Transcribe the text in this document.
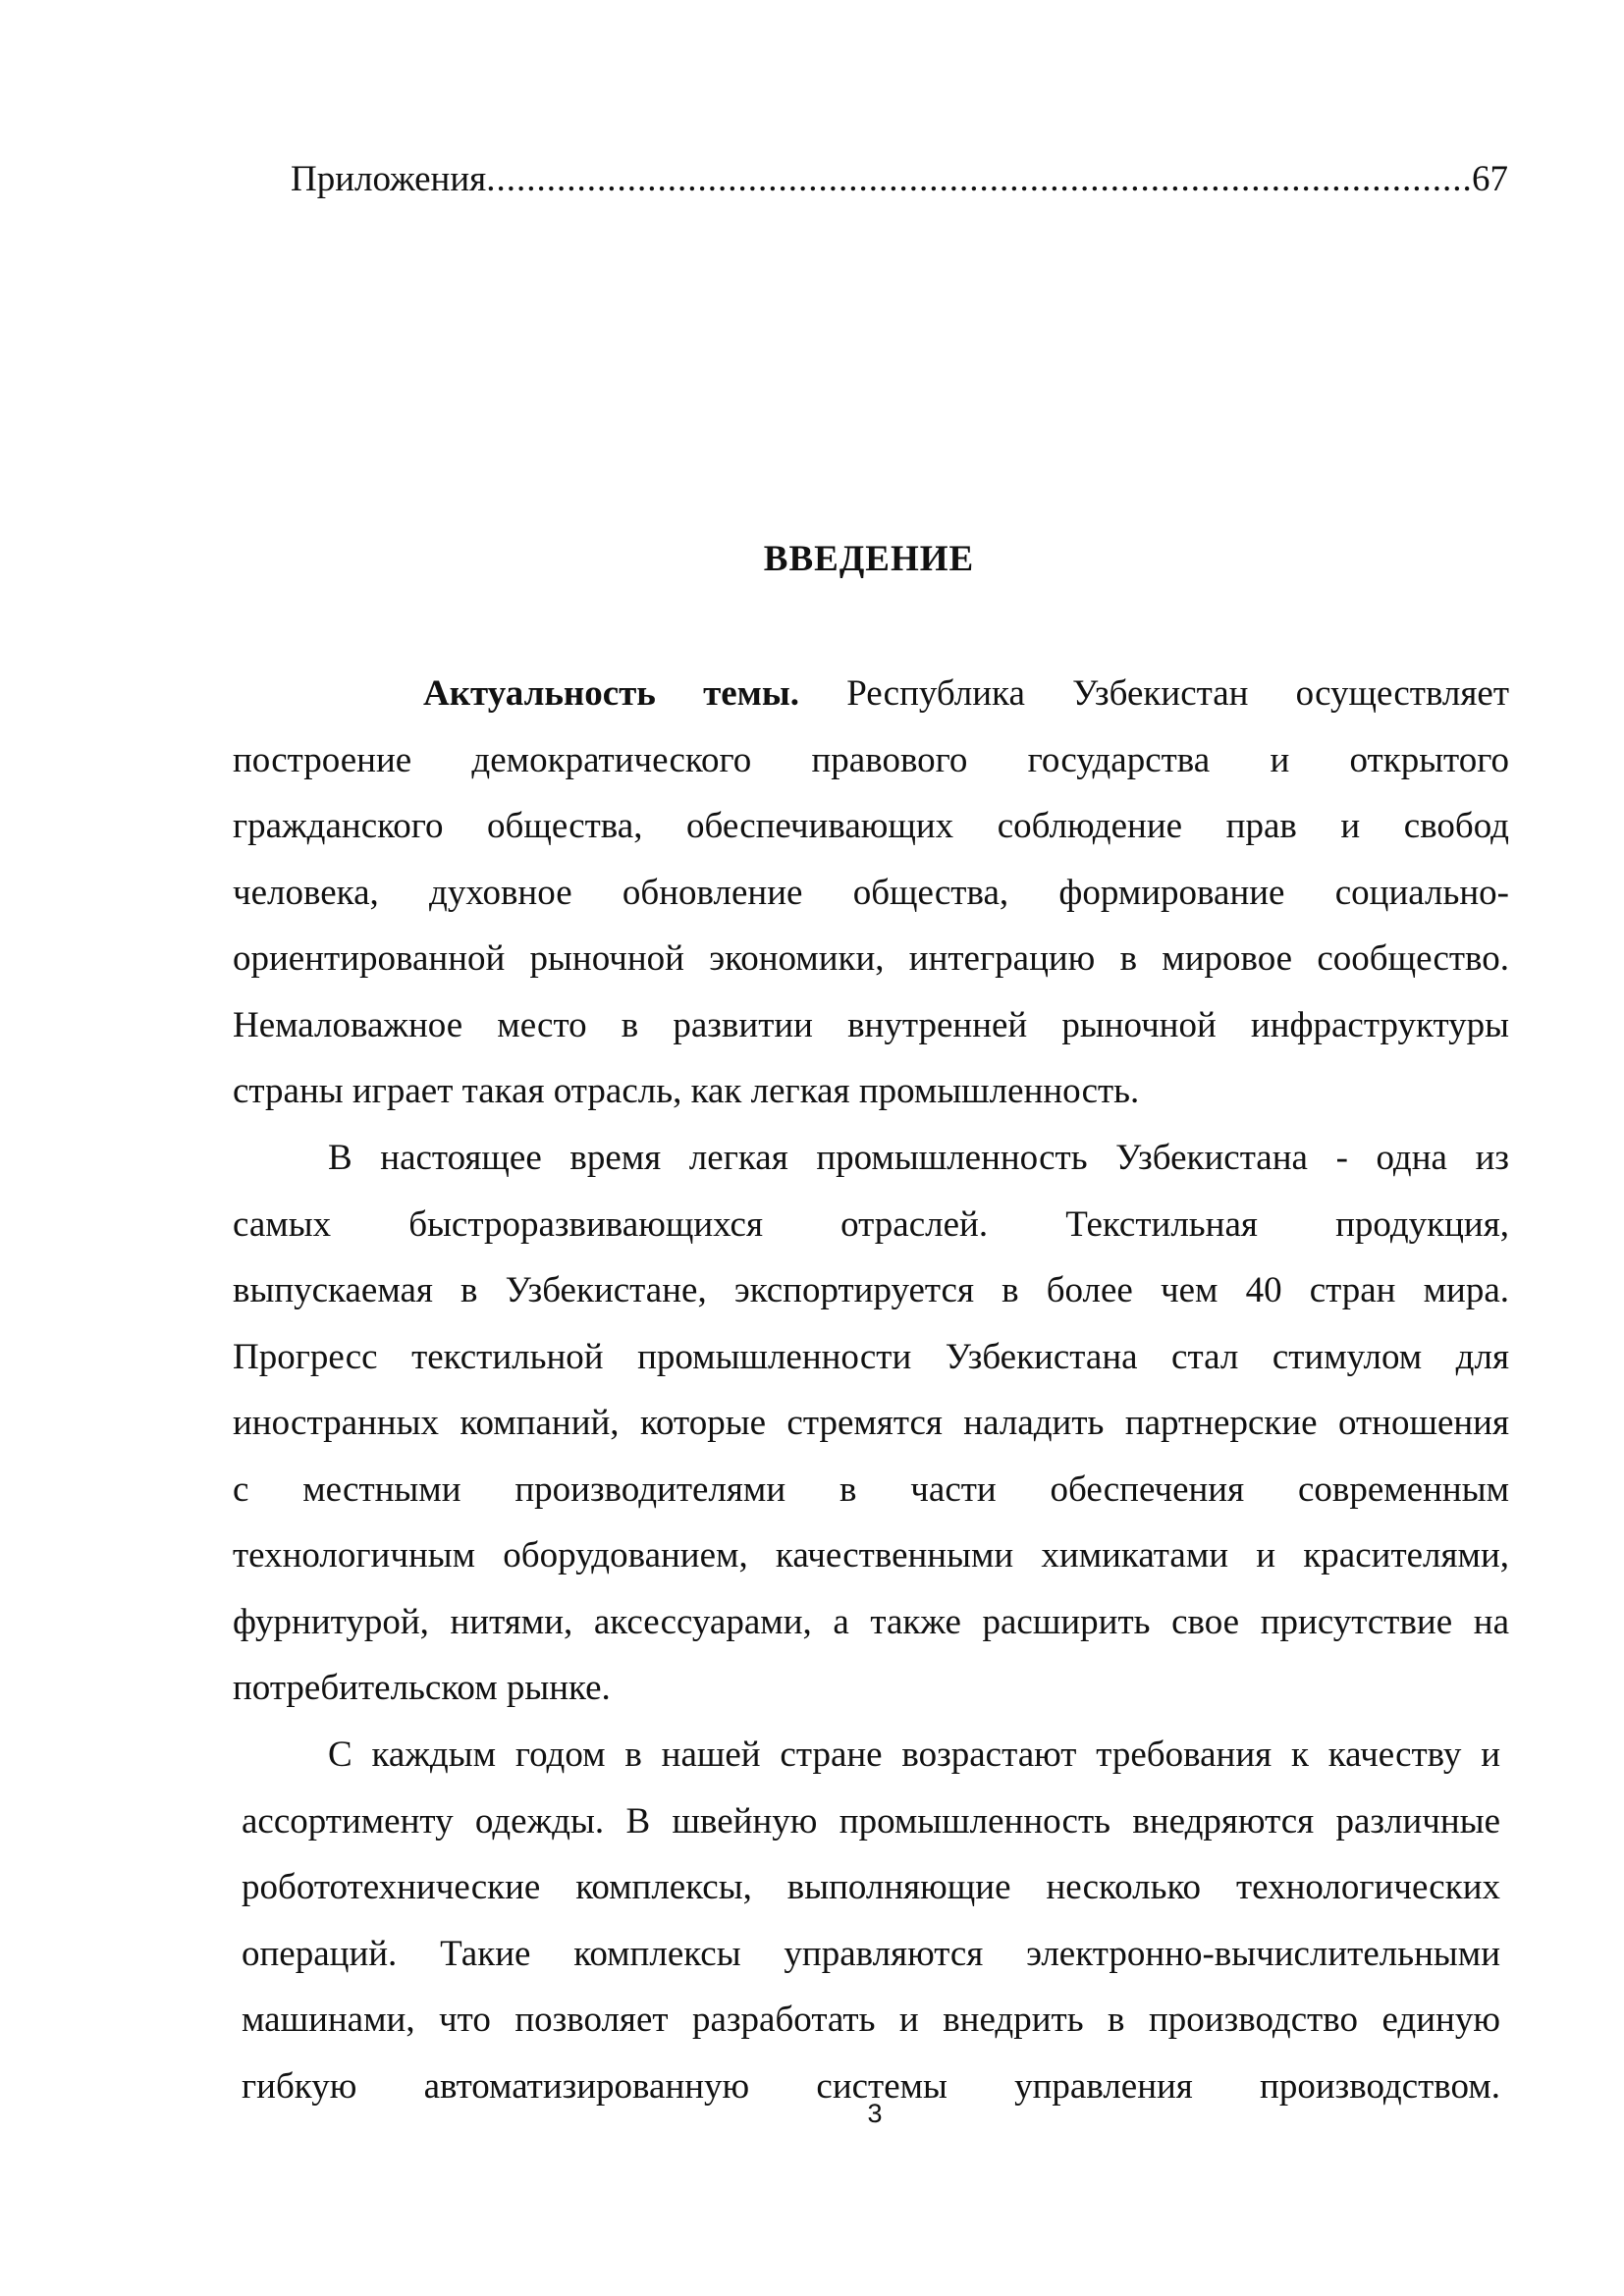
Приложения
.....	67
ВВЕДЕНИЕ
Актуальность темы. Республика Узбекистан осуществляет
построение демократического правового государства и открытого
гражданского общества, обеспечивающих соблюдение прав и свобод
человека, духовное обновление общества, формирование социально-
ориентированной рыночной экономики, интеграцию в мировое сообщество.
Немаловажное место в развитии внутренней рыночной инфраструктуры
страны играет такая отрасль, как легкая промышленность.
В настоящее время легкая промышленность Узбекистана - одна из
самых быстроразвивающихся отраслей. Текстильная продукция,
выпускаемая в Узбекистане, экспортируется в более чем 40 стран мира.
Прогресс текстильной промышленности Узбекистана стал стимулом для
иностранных компаний, которые стремятся наладить партнерские отношения
с местными производителями в части обеспечения современным
технологичным оборудованием, качественными химикатами и красителями,
фурнитурой, нитями, аксессуарами, а также расширить свое присутствие на
потребительском рынке.
С каждым годом в нашей стране возрастают требования к качеству и
ассортименту одежды. В швейную промышленность внедряются различные
робототехнические комплексы, выполняющие несколько технологических
операций. Такие комплексы управляются электронно-вычислительными
машинами, что позволяет разработать и внедрить в производство единую
гибкую автоматизированную системы управления производством.
3
